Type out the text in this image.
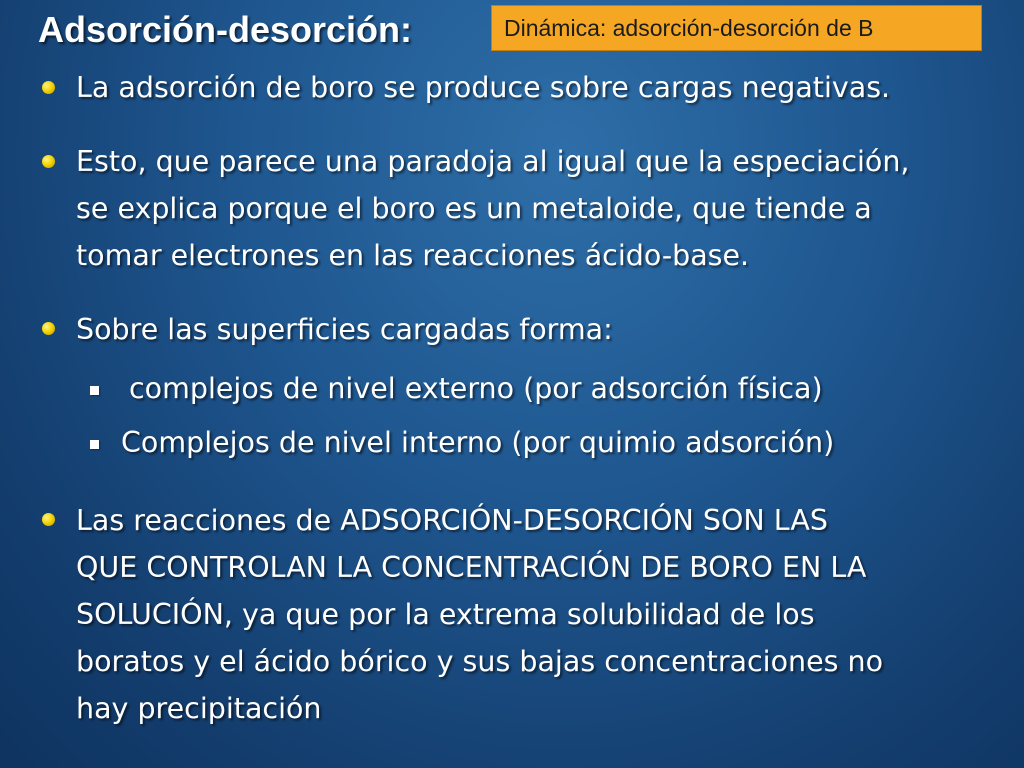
Adsorción-desorción:	Dinámica: adsorción-desorción de B
La adsorción de boro se produce sobre cargas negativas.
Esto, que parece una paradoja al igual que la especiación,
se explica porque el boro es un metaloide, que tiende a
tomar electrones en las reacciones ácido-base.
Sobre las superficies cargadas forma:
complejos de nivel externo (por adsorción física)
Complejos de nivel interno (por quimio adsorción)
Las reacciones de ADSORCIÓN-DESORCIÓN SON LAS
QUE CONTROLAN LA CONCENTRACIÓN DE BORO EN LA
SOLUCIÓN, ya que por la extrema solubilidad de los
boratos y el ácido bórico y sus bajas concentraciones no
hay precipitación
